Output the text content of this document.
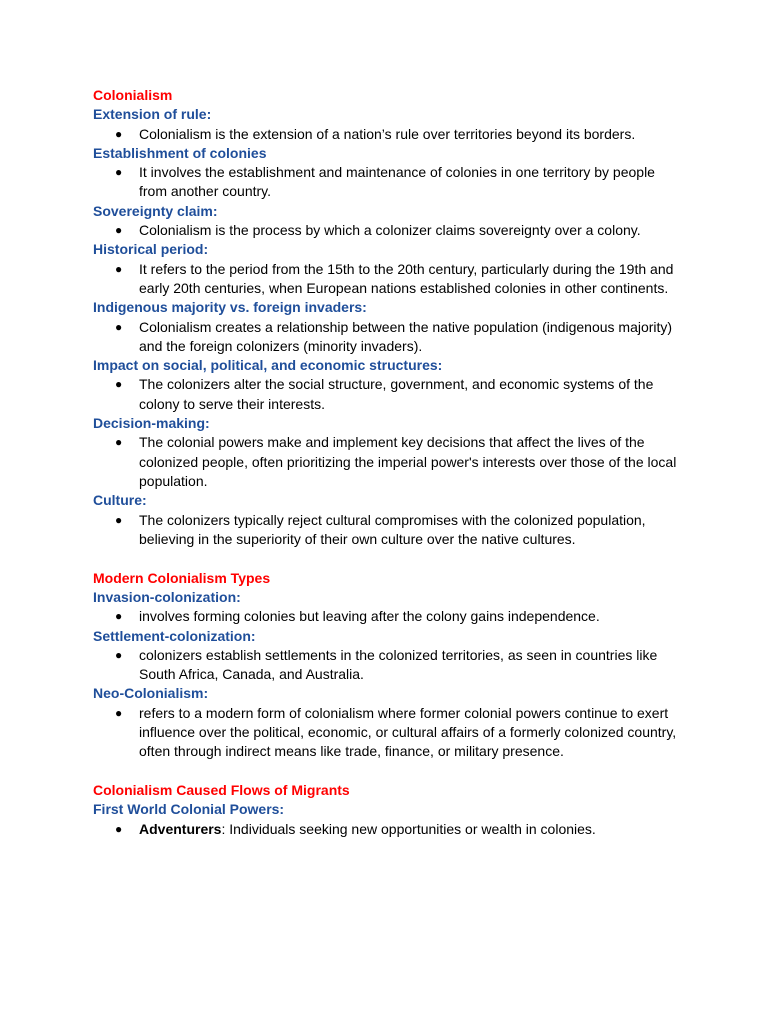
Colonialism
Extension of rule:
● Colonialism is the extension of a nation’s rule over territories beyond its borders.
Establishment of colonies
● It involves the establishment and maintenance of colonies in one territory by people from another country.
Sovereignty claim:
● Colonialism is the process by which a colonizer claims sovereignty over a colony.
Historical period:
● It refers to the period from the 15th to the 20th century, particularly during the 19th and early 20th centuries, when European nations established colonies in other continents.
Indigenous majority vs. foreign invaders:
● Colonialism creates a relationship between the native population (indigenous majority) and the foreign colonizers (minority invaders).
Impact on social, political, and economic structures:
● The colonizers alter the social structure, government, and economic systems of the colony to serve their interests.
Decision-making:
● The colonial powers make and implement key decisions that affect the lives of the colonized people, often prioritizing the imperial power's interests over those of the local population.
Culture:
● The colonizers typically reject cultural compromises with the colonized population, believing in the superiority of their own culture over the native cultures.
Modern Colonialism Types
Invasion-colonization:
● involves forming colonies but leaving after the colony gains independence.
Settlement-colonization:
● colonizers establish settlements in the colonized territories, as seen in countries like South Africa, Canada, and Australia.
Neo-Colonialism:
● refers to a modern form of colonialism where former colonial powers continue to exert influence over the political, economic, or cultural affairs of a formerly colonized country, often through indirect means like trade, finance, or military presence.
Colonialism Caused Flows of Migrants
First World Colonial Powers:
● Adventurers: Individuals seeking new opportunities or wealth in colonies.
